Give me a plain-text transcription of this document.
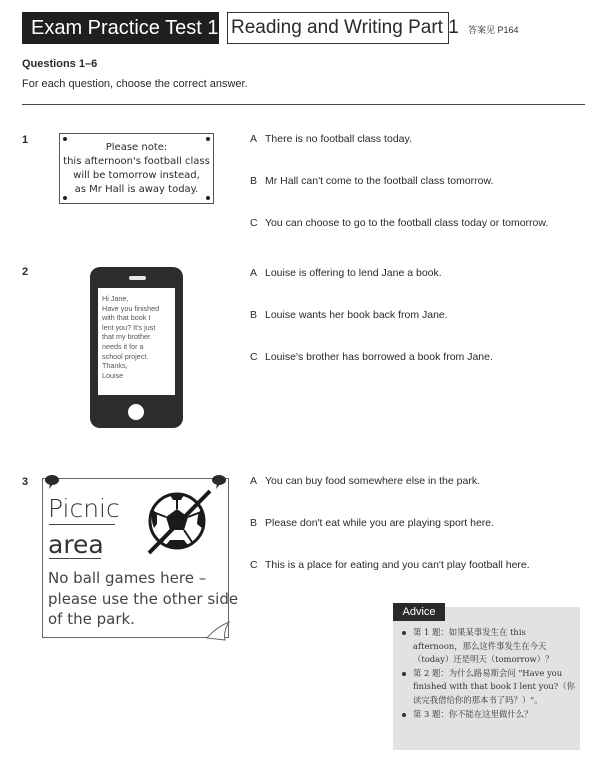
Exam Practice Test 1 Reading and Writing Part 1 答案见 P164
Questions 1–6
For each question, choose the correct answer.
1
Please note:
this afternoon's football class
will be tomorrow instead,
as Mr Hall is away today.
A There is no football class today.
B Mr Hall can't come to the football class tomorrow.
C You can choose to go to the football class today or tomorrow.
2
Hi Jane,
Have you finished
with that book I
lent you? It's just
that my brother
needs it for a
school project.
Thanks,
Louise
A Louise is offering to lend Jane a book.
B Louise wants her book back from Jane.
C Louise's brother has borrowed a book from Jane.
3
Picnic
area
No ball games here –
please use the other side
of the park.
A You can buy food somewhere else in the park.
B Please don't eat while you are playing sport here.
C This is a place for eating and you can't play football here.
Advice
第 1 题：如果某事发生在 this afternoon，那么这件事发生在今天（today）还是明天（tomorrow）？
第 2 题：为什么路易斯会问 "Have you finished with that book I lent you?（你读完我借给你的那本书了吗？）"。
第 3 题：你不能在这里做什么？
